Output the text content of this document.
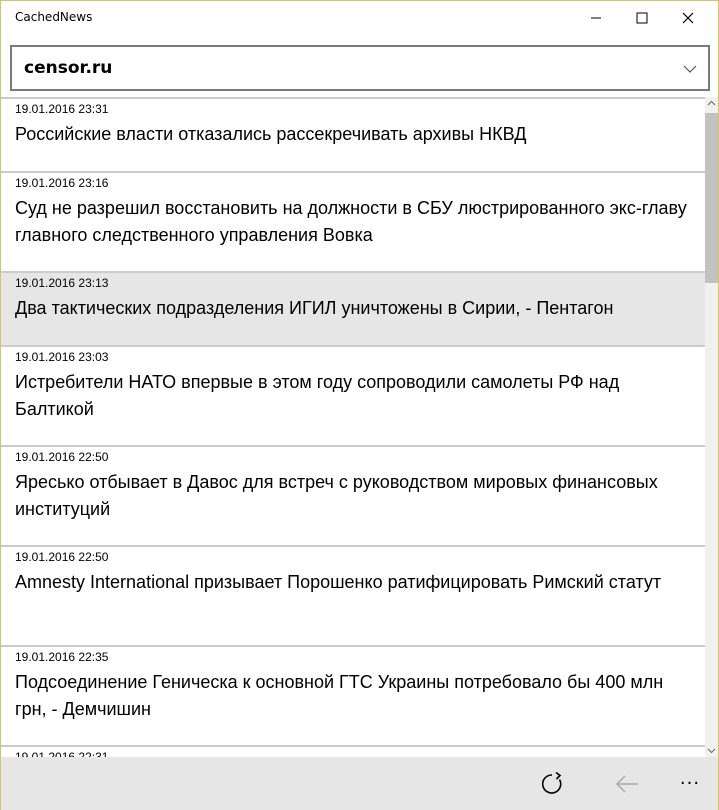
CachedNews
censor.ru
19.01.2016 23:31
Российские власти отказались рассекречивать архивы НКВД
19.01.2016 23:16
Суд не разрешил восстановить на должности в СБУ люстрированного экс-главу главного следственного управления Вовка
19.01.2016 23:13
Два тактических подразделения ИГИЛ уничтожены в Сирии, - Пентагон
19.01.2016 23:03
Истребители НАТО впервые в этом году сопроводили самолеты РФ над Балтикой
19.01.2016 22:50
Яресько отбывает в Давос для встреч с руководством мировых финансовых институций
19.01.2016 22:50
Amnesty International призывает Порошенко ратифицировать Римский статут
19.01.2016 22:35
Подсоединение Геническа к основной ГТС Украины потребовало бы 400 млн грн, - Демчишин
···
